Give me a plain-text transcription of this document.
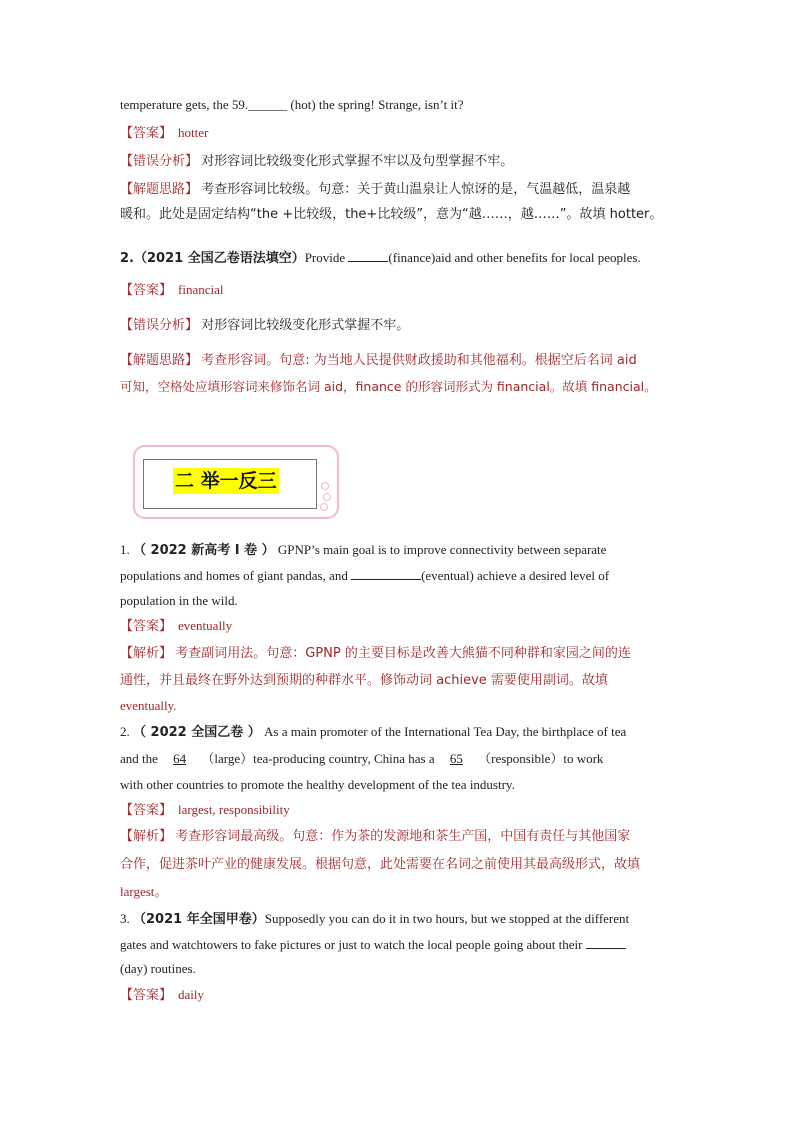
temperature gets, the 59.______ (hot) the spring! Strange, isn’t it?
【答案】 hotter
【错误分析】 对形容词比较级变化形式掌握不牢以及句型掌握不牢。
【解题思路】 考查形容词比较级。句意：关于黄山温泉让人惊讶的是，气温越低，温泉越
暖和。此处是固定结构“the +比较级，the+比较级”，意为“越……，越……”。故填 hotter。
2.（2021 全国乙卷语法填空）Provide	(finance)aid and other benefits for local peoples.
【答案】 financial
【错误分析】 对形容词比较级变化形式掌握不牢。
【解题思路】 考查形容词。句意: 为当地人民提供财政援助和其他福利。根据空后名词 aid
可知，空格处应填形容词来修饰名词 aid，finance 的形容词形式为 financial。故填 financial。
二 举一反三
1. （ 2022 新高考 I 卷 ） GPNP’s main goal is to improve connectivity between separate
populations and homes of giant pandas, and	(eventual) achieve a desired level of
population in the wild.
【答案】 eventually
【解析】 考查副词用法。句意：GPNP 的主要目标是改善大熊猫不同种群和家园之间的连
通性，并且最终在野外达到预期的种群水平。修饰动词 achieve 需要使用副词。故填
eventually.
2. （ 2022 全国乙卷 ） As a main promoter of the International Tea Day, the birthplace of tea
and the 64 （large）tea-producing country, China has a 65 （responsible）to work
with other countries to promote the healthy development of the tea industry.
【答案】 largest, responsibility
【解析】 考查形容词最高级。句意：作为茶的发源地和茶生产国，中国有责任与其他国家
合作，促进茶叶产业的健康发展。根据句意，此处需要在名词之前使用其最高级形式，故填
largest。
3. （2021 年全国甲卷）Supposedly you can do it in two hours, but we stopped at the different
gates and watchtowers to fake pictures or just to watch the local people going about their
(day) routines.
【答案】 daily
